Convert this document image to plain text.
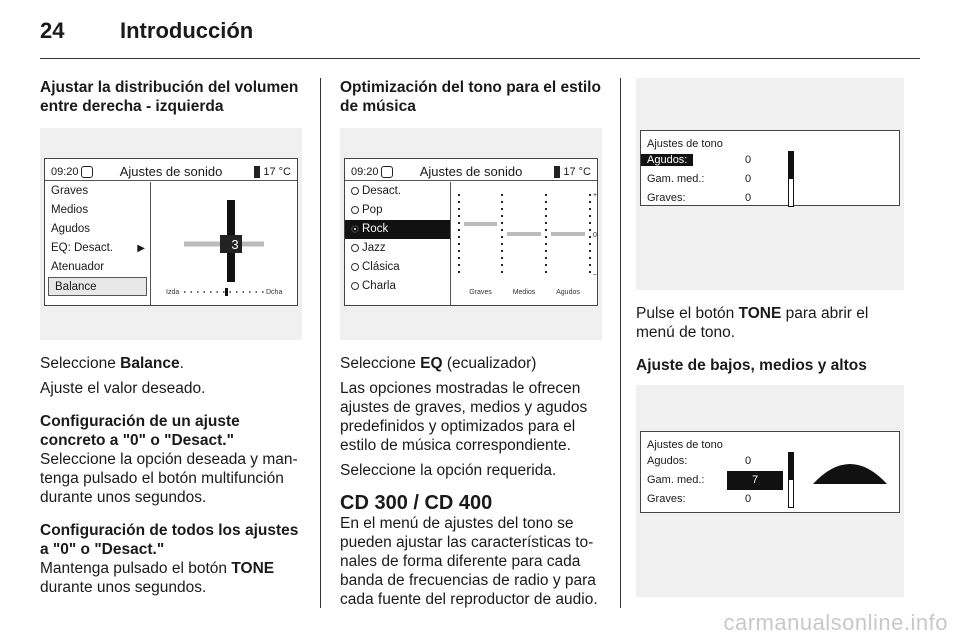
24	Introducción
Ajustar la distribución del volumen entre derecha - izquierda
09:20	Ajustes de sonido	17 °C
Graves
Medios
Agudos
EQ: Desact. ▶
Atenuador
Balance
3
Izda	Dcha

Seleccione Balance.

Ajuste el valor deseado.

Configuración de un ajuste concreto a "0" o "Desact."

Seleccione la opción deseada y man- tenga pulsado el botón multifunción durante unos segundos.

Configuración de todos los ajustes a "0" o "Desact."

Mantenga pulsado el botón TONE durante unos segundos.

Optimización del tono para el estilo de música
09:20	Ajustes de sonido	17 °C
Desact.
Pop
Rock
Jazz
Clásica
Charla
Graves	Medios	Agudos
+
0
–

Seleccione EQ (ecualizador)

Las opciones mostradas le ofrecen ajustes de graves, medios y agudos predefinidos y optimizados para el estilo de música correspondiente.

Seleccione la opción requerida.

CD 300 / CD 400

En el menú de ajustes del tono se pueden ajustar las características to- nales de forma diferente para cada banda de frecuencias de radio y para cada fuente del reproductor de audio.

Ajustes de tono
Agudos:	0
Gam. med.:	0
Graves:	0

Pulse el botón TONE para abrir el menú de tono.

Ajuste de bajos, medios y altos
Ajustes de tono
Agudos:	0
Gam. med.:	7
Graves:	0
carmanualsonline.info
